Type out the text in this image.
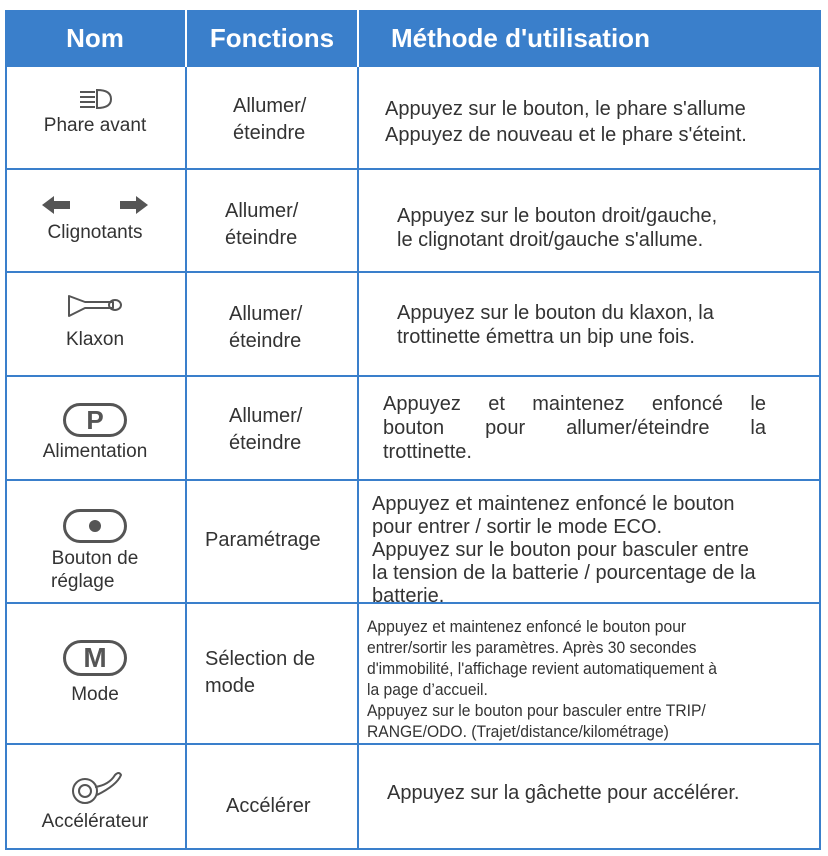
Nom	Fonctions	Méthode d'utilisation
Phare avant
Allumer/
éteindre
Appuyez sur le bouton, le phare s'allume
Appuyez de nouveau et le phare s'éteint.
Clignotants
Allumer/
éteindre
Appuyez sur le bouton droit/gauche,
le clignotant droit/gauche s'allume.
Klaxon
Allumer/
éteindre
Appuyez sur le bouton du klaxon, la
trottinette émettra un bip une fois.
P
Alimentation
Allumer/
éteindre
Appuyez et maintenez enfoncé le
bouton pour allumer/éteindre la
trottinette.
Bouton de
réglage
Paramétrage
Appuyez et maintenez enfoncé le bouton
pour entrer / sortir le mode ECO.
Appuyez sur le bouton pour basculer entre
la tension de la batterie / pourcentage de la
batterie.
M
Mode
Sélection de
mode
Appuyez et maintenez enfoncé le bouton pour
entrer/sortir les paramètres. Après 30 secondes
d'immobilité, l'affichage revient automatiquement à
la page d’accueil.
Appuyez sur le bouton pour basculer entre TRIP/
RANGE/ODO. (Trajet/distance/kilométrage)
Accélérateur
Accélérer
Appuyez sur la gâchette pour accélérer.
